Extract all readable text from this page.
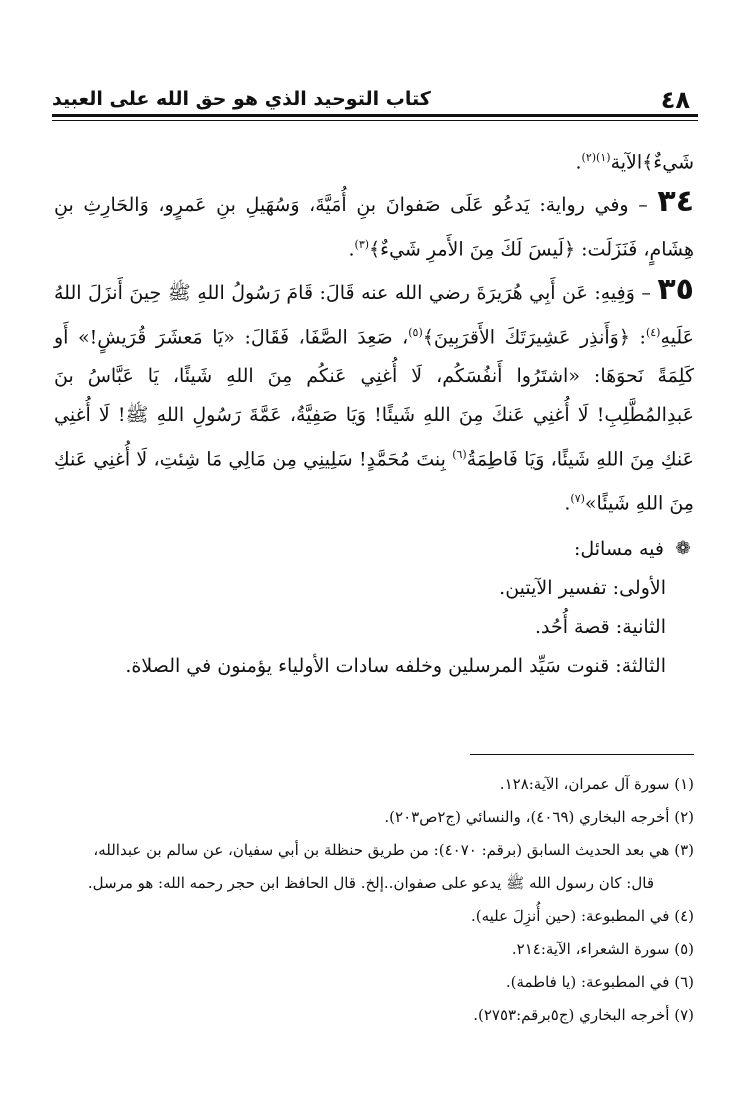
٤٨
كتاب التوحيد الذي هو حق الله على العبيد

شَيءٌ﴾الآية$^{(١)(٢)}$.

٣٤ – وفي رواية: يَدعُو عَلَى صَفوانَ بنِ أُمَيَّةَ، وَسُهَيلِ بنِ عَمرٍو، وَالحَارِثِ بنِ هِشَامٍ، فَنَزَلَت: ﴿لَيسَ لَكَ مِنَ الأَمرِ شَيءٌ﴾$^{(٣)}$.

٣٥ – وَفِيهِ: عَن أَبِي هُرَيرَةَ رضي الله عنه قَالَ: قَامَ رَسُولُ اللهِ ﷺ حِينَ أَنزَلَ اللهُ عَلَيهِ$^{(٤)}$: ﴿وَأَنذِر عَشِيرَتَكَ الأَقرَبِينَ﴾$^{(٥)}$، صَعِدَ الصَّفَا، فَقَالَ: «يَا مَعشَرَ قُرَيشٍ!» أَو كَلِمَةً نَحوَهَا: «اشتَرُوا أَنفُسَكُم، لَا أُغنِي عَنكُم مِنَ اللهِ شَيئًا، يَا عَبَّاسُ بنَ عَبدِالمُطَّلِبِ! لَا أُغنِي عَنكَ مِنَ اللهِ شَيئًا! وَيَا صَفِيَّةُ، عَمَّةَ رَسُولِ اللهِ ﷺ! لَا أُغنِي عَنكِ مِنَ اللهِ شَيئًا، وَيَا فَاطِمَةُ$^{(٦)}$ بِنتَ مُحَمَّدٍ! سَلِينِي مِن مَالِي مَا شِئتِ، لَا أُغنِي عَنكِ مِنَ اللهِ شَيئًا»$^{(٧)}$.

❁
فيه مسائل:

الأولى: تفسير الآيتين.

الثانية: قصة أُحُد.

الثالثة: قنوت سَيِّد المرسلين وخلفه سادات الأولياء يؤمنون في الصلاة.

(١) سورة آل عمران، الآية:١٢٨.

(٢) أخرجه البخاري (٤٠٦٩)، والنسائي (ج٢ص٢٠٣).

(٣) هي بعد الحديث السابق (برقم: ٤٠٧٠): من طريق حنظلة بن أبي سفيان، عن سالم بن عبدالله،

قال: كان رسول الله ﷺ يدعو على صفوان..إلخ. قال الحافظ ابن حجر رحمه الله: هو مرسل.

(٤) في المطبوعة: (حين أُنزِلَ عليه).

(٥) سورة الشعراء، الآية:٢١٤.

(٦) في المطبوعة: (يا فاطمة).

(٧) أخرجه البخاري (ج٥برقم:٢٧٥٣).
